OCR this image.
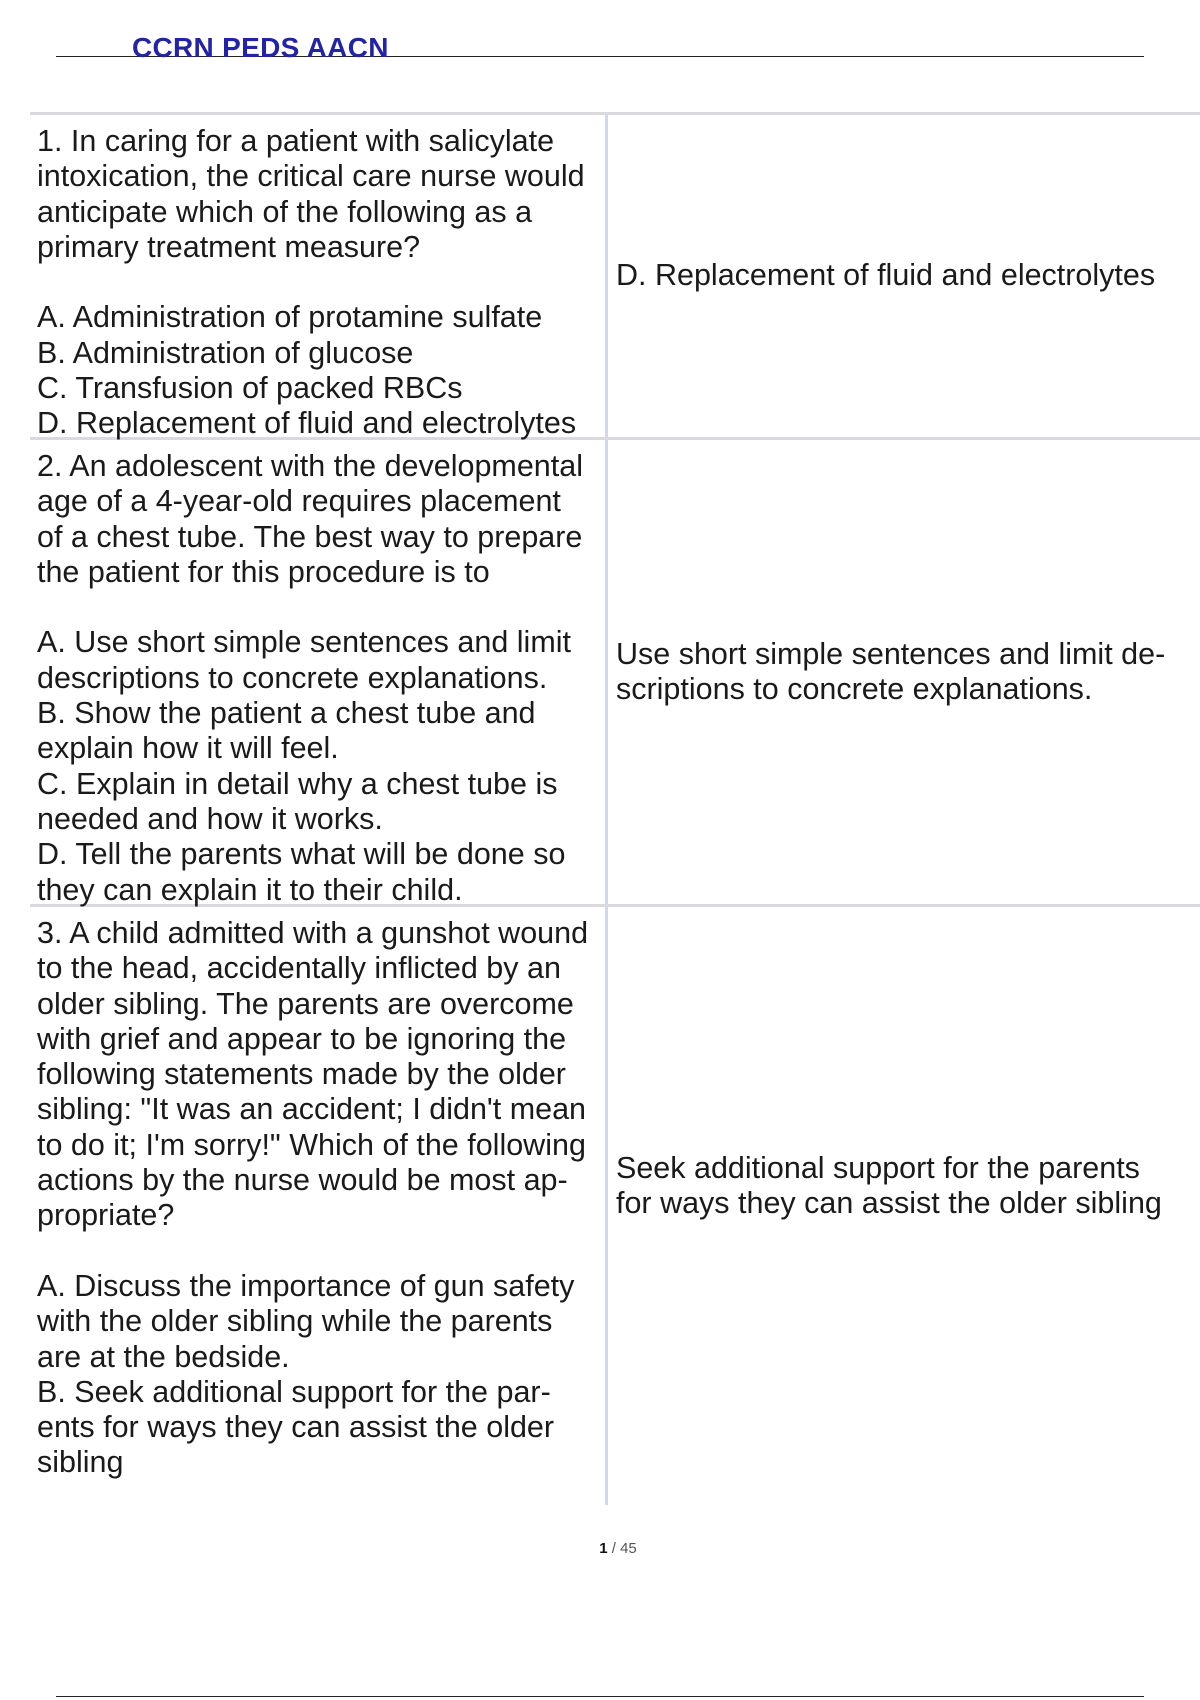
CCRN PEDS AACN
1. In caring for a patient with salicylate
intoxication, the critical care nurse would
anticipate which of the following as a
primary treatment measure?

A. Administration of protamine sulfate
B. Administration of glucose
C. Transfusion of packed RBCs
D. Replacement of fluid and electrolytes
D. Replacement of fluid and electrolytes
2. An adolescent with the developmental
age of a 4-year-old requires placement
of a chest tube. The best way to prepare
the patient for this procedure is to

A. Use short simple sentences and limit
descriptions to concrete explanations.
B. Show the patient a chest tube and
explain how it will feel.
C. Explain in detail why a chest tube is
needed and how it works.
D. Tell the parents what will be done so
they can explain it to their child.
Use short simple sentences and limit de-
scriptions to concrete explanations.
3. A child admitted with a gunshot wound
to the head, accidentally inflicted by an
older sibling. The parents are overcome
with grief and appear to be ignoring the
following statements made by the older
sibling: "It was an accident; I didn't mean
to do it; I'm sorry!" Which of the following
actions by the nurse would be most ap-
propriate?

A. Discuss the importance of gun safety
with the older sibling while the parents
are at the bedside.
B. Seek additional support for the par-
ents for ways they can assist the older
sibling
Seek additional support for the parents
for ways they can assist the older sibling
1 / 45
